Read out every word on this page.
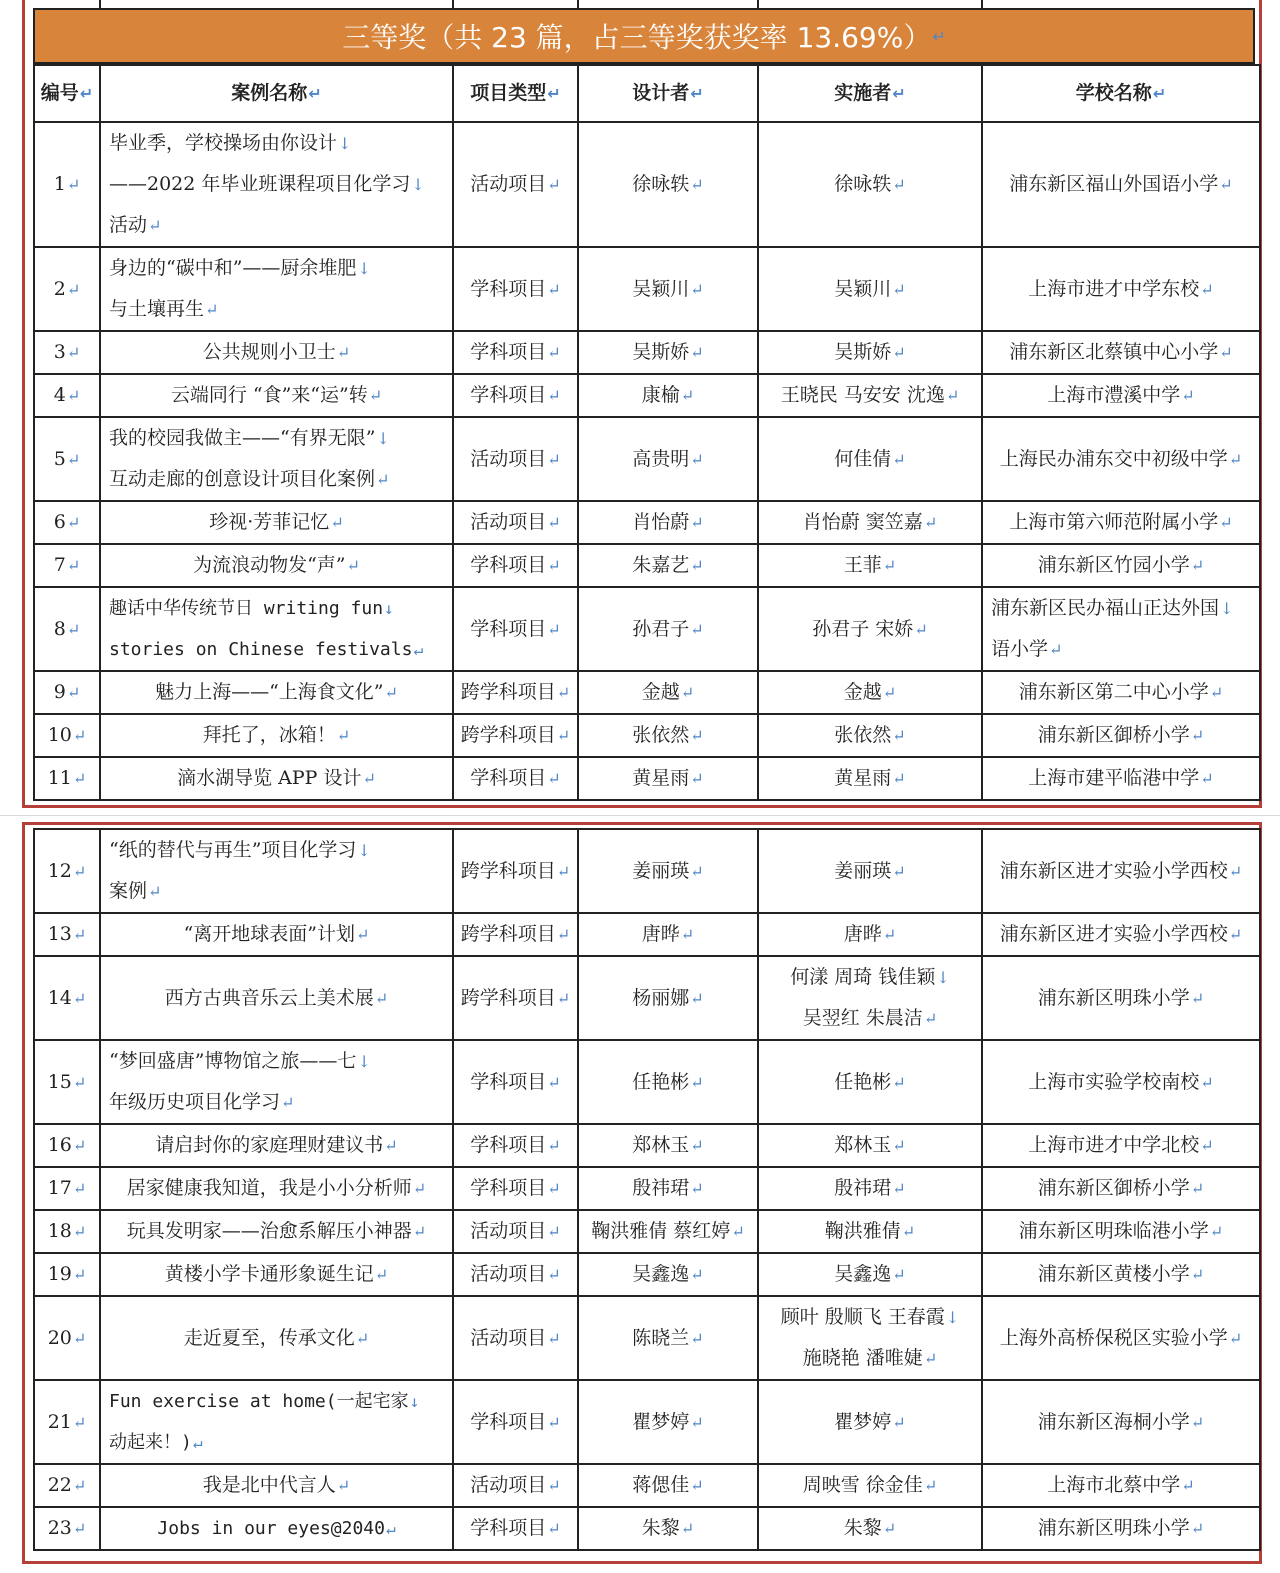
三等奖（共 23 篇，占三等奖获奖率 13.69%） ↵
编号↵	案例名称↵	项目类型↵	设计者↵	实施者↵	学校名称↵
1↵	毕业季，学校操场由你设计↓
——2022 年毕业班课程项目化学习↓
活动↵	活动项目↵	徐咏轶↵	徐咏轶↵	浦东新区福山外国语小学↵

2↵	身边的“碳中和”——厨余堆肥↓
与土壤再生↵	学科项目↵	吴颖川↵	吴颖川↵	上海市进才中学东校↵

3↵	公共规则小卫士↵	学科项目↵	吴斯娇↵	吴斯娇↵	浦东新区北蔡镇中心小学↵

4↵	云端同行 “食”来“运”转↵	学科项目↵	康榆↵	王晓民 马安安 沈逸↵	上海市澧溪中学↵

5↵	我的校园我做主——“有界无限”↓
互动走廊的创意设计项目化案例↵	活动项目↵	高贵明↵	何佳倩↵	上海民办浦东交中初级中学↵

6↵	珍视·芳菲记忆↵	活动项目↵	肖怡蔚↵	肖怡蔚 窦笠嘉↵	上海市第六师范附属小学↵

7↵	为流浪动物发“声”↵	学科项目↵	朱嘉艺↵	王菲↵	浦东新区竹园小学↵

8↵	趣话中华传统节日 writing fun↓
stories on Chinese festivals↵	学科项目↵	孙君子↵	孙君子 宋娇↵	浦东新区民办福山正达外国↓
语小学↵

9↵	魅力上海——“上海食文化”↵	跨学科项目↵	金越↵	金越↵	浦东新区第二中心小学↵

10↵	拜托了，冰箱！↵	跨学科项目↵	张依然↵	张依然↵	浦东新区御桥小学↵

11↵	滴水湖导览 APP 设计↵	学科项目↵	黄星雨↵	黄星雨↵	上海市建平临港中学↵
12↵	“纸的替代与再生”项目化学习↓
案例↵	跨学科项目↵	姜丽瑛↵	姜丽瑛↵	浦东新区进才实验小学西校↵

13↵	“离开地球表面”计划↵	跨学科项目↵	唐晔↵	唐晔↵	浦东新区进才实验小学西校↵

14↵	西方古典音乐云上美术展↵	跨学科项目↵	杨丽娜↵	何漾 周琦 钱佳颖↓
吴翌红 朱晨洁↵	浦东新区明珠小学↵

15↵	“梦回盛唐”博物馆之旅——七↓
年级历史项目化学习↵	学科项目↵	任艳彬↵	任艳彬↵	上海市实验学校南校↵

16↵	请启封你的家庭理财建议书↵	学科项目↵	郑林玉↵	郑林玉↵	上海市进才中学北校↵

17↵	居家健康我知道，我是小小分析师↵	学科项目↵	殷祎珺↵	殷祎珺↵	浦东新区御桥小学↵

18↵	玩具发明家——治愈系解压小神器↵	活动项目↵	鞠洪雅倩 蔡红婷↵	鞠洪雅倩↵	浦东新区明珠临港小学↵

19↵	黄楼小学卡通形象诞生记↵	活动项目↵	吴鑫逸↵	吴鑫逸↵	浦东新区黄楼小学↵

20↵	走近夏至，传承文化↵	活动项目↵	陈晓兰↵	顾叶 殷顺飞 王春霞↓
施晓艳 潘唯婕↵	上海外高桥保税区实验小学↵

21↵	Fun exercise at home(一起宅家↓
动起来！)↵	学科项目↵	瞿梦婷↵	瞿梦婷↵	浦东新区海桐小学↵

22↵	我是北中代言人↵	活动项目↵	蒋偲佳↵	周映雪 徐金佳↵	上海市北蔡中学↵

23↵	Jobs in our eyes@2040↵	学科项目↵	朱黎↵	朱黎↵	浦东新区明珠小学↵
